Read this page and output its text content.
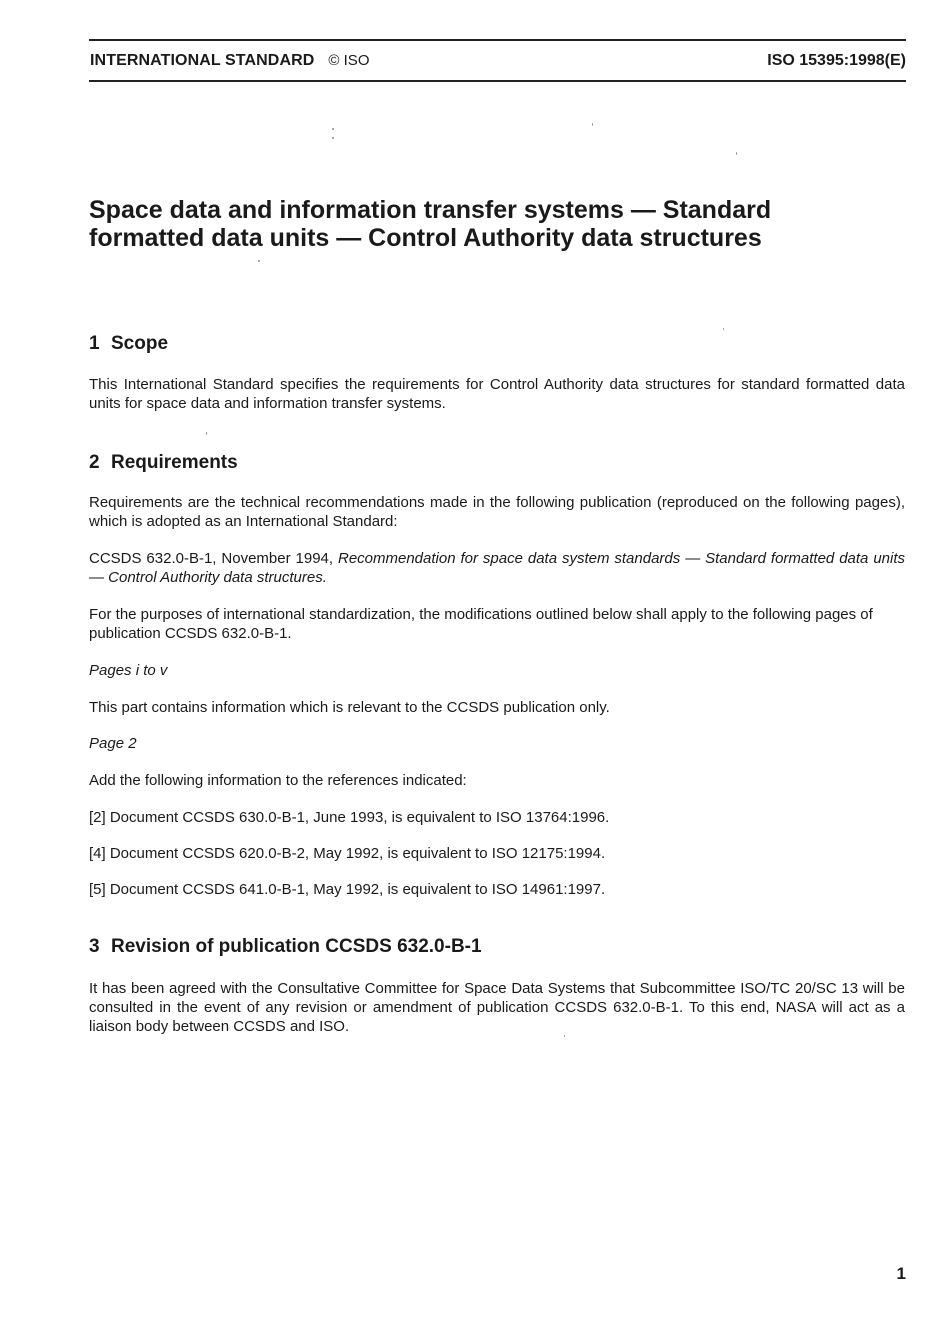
INTERNATIONAL STANDARD © ISO	ISO 15395:1998(E)
Space data and information transfer systems — Standard formatted data units — Control Authority data structures
1 Scope

This International Standard specifies the requirements for Control Authority data structures for standard formatted data units for space data and information transfer systems.

2 Requirements

Requirements are the technical recommendations made in the following publication (reproduced on the following pages), which is adopted as an International Standard:

CCSDS 632.0-B-1, November 1994, Recommendation for space data system standards — Standard formatted data units — Control Authority data structures.

For the purposes of international standardization, the modifications outlined below shall apply to the following pages of publication CCSDS 632.0-B-1.

Pages i to v

This part contains information which is relevant to the CCSDS publication only.

Page 2

Add the following information to the references indicated:

[2] Document CCSDS 630.0-B-1, June 1993, is equivalent to ISO 13764:1996.

[4] Document CCSDS 620.0-B-2, May 1992, is equivalent to ISO 12175:1994.

[5] Document CCSDS 641.0-B-1, May 1992, is equivalent to ISO 14961:1997.

3 Revision of publication CCSDS 632.0-B-1

It has been agreed with the Consultative Committee for Space Data Systems that Subcommittee ISO/TC 20/SC 13 will be consulted in the event of any revision or amendment of publication CCSDS 632.0-B-1. To this end, NASA will act as a liaison body between CCSDS and ISO.

1
